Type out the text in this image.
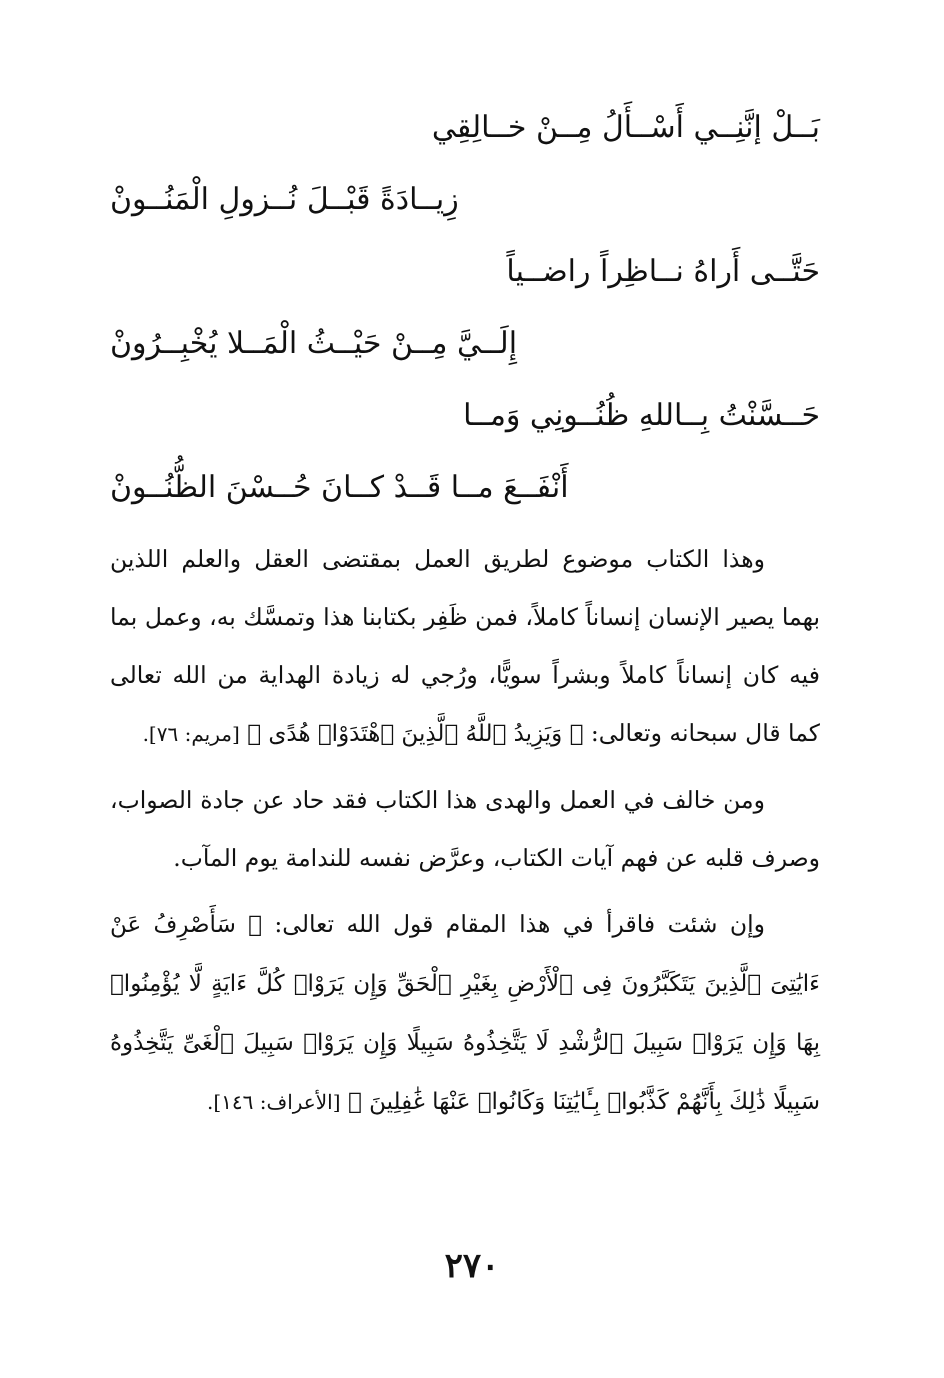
بَــلْ إنَّنِــي أَسْــأَلُ مِــنْ خــالِقِي
زِيــادَةً قَبْــلَ نُــزولِ الْمَنُــونْ
حَتَّــى أَراهُ نــاظِراً راضــياً
إِلَــيَّ مِــنْ حَيْــثُ الْمَــلا يُخْبِــرُونْ
حَــسَّنْتُ بِــاللهِ ظُنُــونِي وَمــا
أَنْفَــعَ مــا قَــدْ كــانَ حُــسْنَ الظُّنُــونْ

وهذا الكتاب موضوع لطريق العمل بمقتضى العقل والعلم اللذين بهما يصير الإنسان إنساناً كاملاً، فمن ظَفِر بكتابنا هذا وتمسَّك به، وعمل بما فيه كان إنساناً كاملاً وبشراً سويًّا، ورُجي له زيادة الهداية من الله تعالى كما قال سبحانه وتعالى: ﴿ وَيَزِيدُ ٱللَّهُ ٱلَّذِينَ ٱهْتَدَوْا۟ هُدًى ﴾ [مريم: ٧٦].

ومن خالف في العمل والهدى هذا الكتاب فقد حاد عن جادة الصواب، وصرف قلبه عن فهم آيات الكتاب، وعرَّض نفسه للندامة يوم المآب.

وإن شئت فاقرأ في هذا المقام قول الله تعالى: ﴿ سَأَصْرِفُ عَنْ ءَايَٰتِىَ ٱلَّذِينَ يَتَكَبَّرُونَ فِى ٱلْأَرْضِ بِغَيْرِ ٱلْحَقِّ وَإِن يَرَوْا۟ كُلَّ ءَايَةٍ لَّا يُؤْمِنُوا۟ بِهَا وَإِن يَرَوْا۟ سَبِيلَ ٱلرُّشْدِ لَا يَتَّخِذُوهُ سَبِيلًا وَإِن يَرَوْا۟ سَبِيلَ ٱلْغَىِّ يَتَّخِذُوهُ سَبِيلًا ذَٰلِكَ بِأَنَّهُمْ كَذَّبُوا۟ بِـَٔايَٰتِنَا وَكَانُوا۟ عَنْهَا غَٰفِلِينَ ﴾ [الأعراف: ١٤٦].

٢٧٠
